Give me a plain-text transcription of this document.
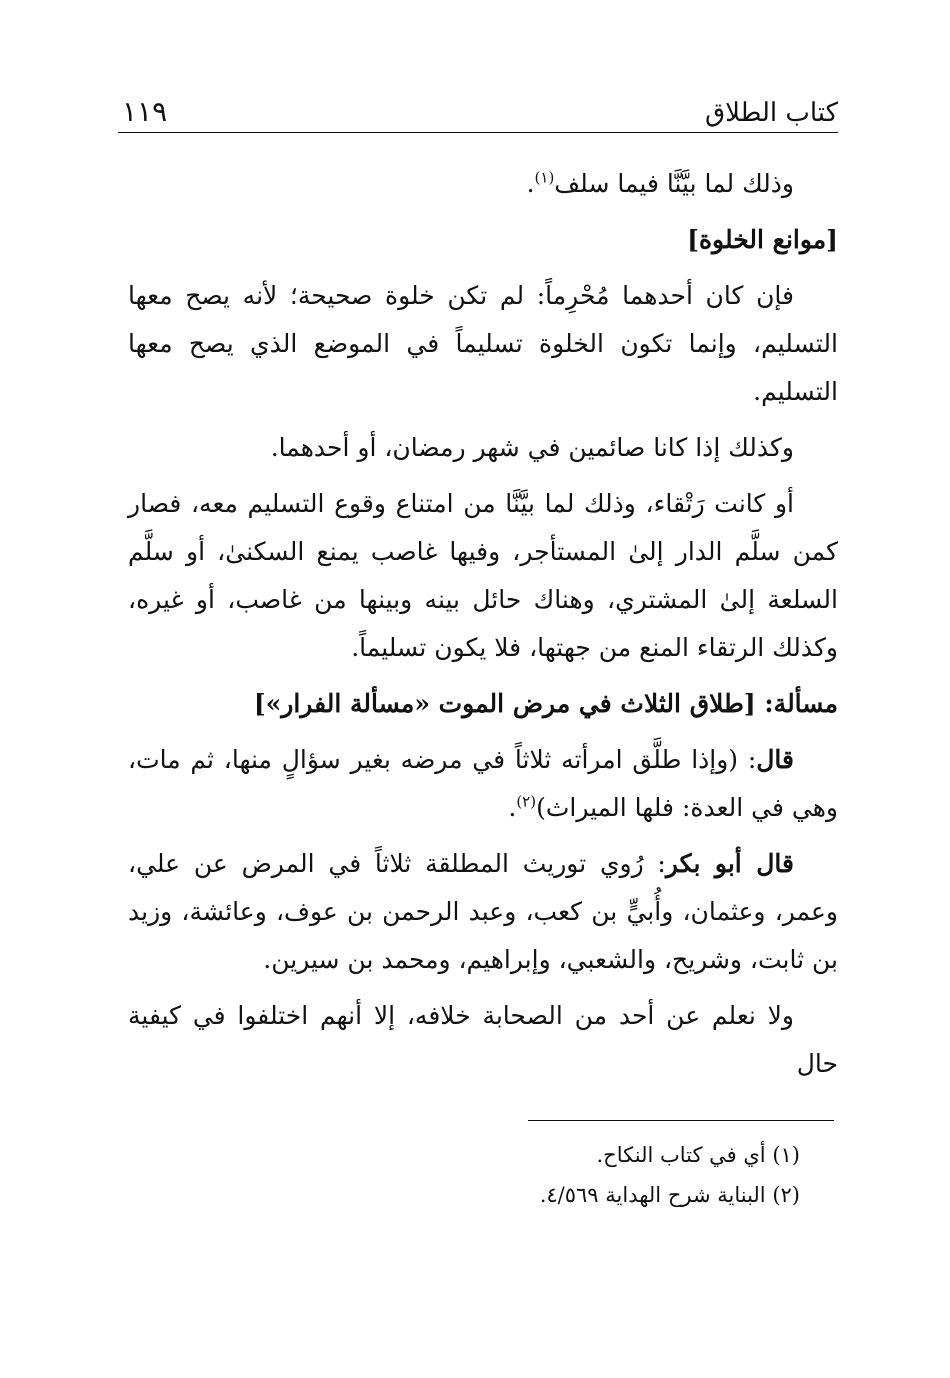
كتاب الطلاق
١١٩

وذلك لما بيَّنَّا فيما سلف$^{(١)}$.

[موانع الخلوة]

فإن كان أحدهما مُحْرِماً: لم تكن خلوة صحيحة؛ لأنه يصح معها التسليم، وإنما تكون الخلوة تسليماً في الموضع الذي يصح معها التسليم.

وكذلك إذا كانا صائمين في شهر رمضان، أو أحدهما.

أو كانت رَتْقاء، وذلك لما بيَّنَّا من امتناع وقوع التسليم معه، فصار كمن سلَّم الدار إلىٰ المستأجر، وفيها غاصب يمنع السكنىٰ، أو سلَّم السلعة إلىٰ المشتري، وهناك حائل بينه وبينها من غاصب، أو غيره، وكذلك الرتقاء المنع من جهتها، فلا يكون تسليماً.

مسألة: [طلاق الثلاث في مرض الموت «مسألة الفرار»]

قال: (وإذا طلَّق امرأته ثلاثاً في مرضه بغير سؤالٍ منها، ثم مات، وهي في العدة: فلها الميراث)$^{(٢)}$.

قال أبو بكر: رُوي توريث المطلقة ثلاثاً في المرض عن علي، وعمر، وعثمان، وأُبيٍّ بن كعب، وعبد الرحمن بن عوف، وعائشة، وزيد بن ثابت، وشريح، والشعبي، وإبراهيم، ومحمد بن سيرين.

ولا نعلم عن أحد من الصحابة خلافه، إلا أنهم اختلفوا في كيفية حال

(١) أي في كتاب النكاح.
(٢) البناية شرح الهداية ٤/٥٦٩.
